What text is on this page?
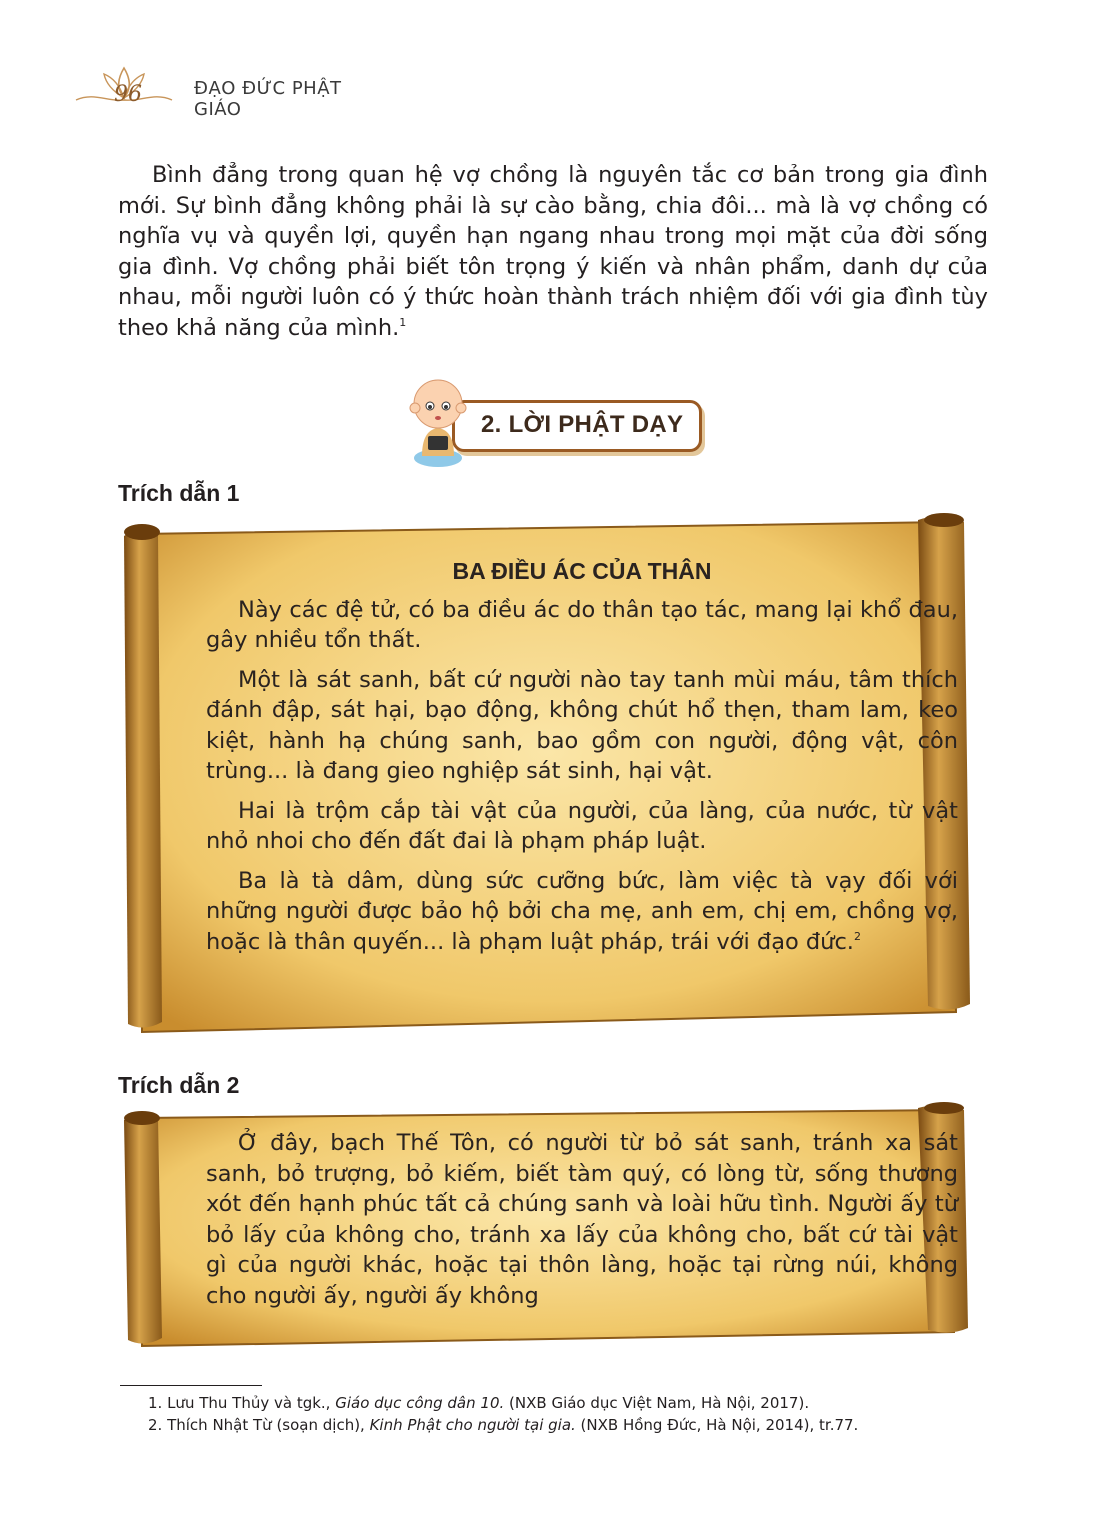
96	ĐẠO ĐỨC PHẬT GIÁO

Bình đẳng trong quan hệ vợ chồng là nguyên tắc cơ bản trong gia đình mới. Sự bình đẳng không phải là sự cào bằng, chia đôi... mà là vợ chồng có nghĩa vụ và quyền lợi, quyền hạn ngang nhau trong mọi mặt của đời sống gia đình. Vợ chồng phải biết tôn trọng ý kiến và nhân phẩm, danh dự của nhau, mỗi người luôn có ý thức hoàn thành trách nhiệm đối với gia đình tùy theo khả năng của mình.$^1$

2. LỜI PHẬT DẠY
Trích dẫn 1
BA ĐIỀU ÁC CỦA THÂN

Này các đệ tử, có ba điều ác do thân tạo tác, mang lại khổ đau, gây nhiều tổn thất.

Một là sát sanh, bất cứ người nào tay tanh mùi máu, tâm thích đánh đập, sát hại, bạo động, không chút hổ thẹn, tham lam, keo kiệt, hành hạ chúng sanh, bao gồm con người, động vật, côn trùng... là đang gieo nghiệp sát sinh, hại vật.

Hai là trộm cắp tài vật của người, của làng, của nước, từ vật nhỏ nhoi cho đến đất đai là phạm pháp luật.

Ba là tà dâm, dùng sức cưỡng bức, làm việc tà vạy đối với những người được bảo hộ bởi cha mẹ, anh em, chị em, chồng vợ, hoặc là thân quyến... là phạm luật pháp, trái với đạo đức.$^2$

Trích dẫn 2

Ở đây, bạch Thế Tôn, có người từ bỏ sát sanh, tránh xa sát sanh, bỏ trượng, bỏ kiếm, biết tàm quý, có lòng từ, sống thương xót đến hạnh phúc tất cả chúng sanh và loài hữu tình. Người ấy từ bỏ lấy của không cho, tránh xa lấy của không cho, bất cứ tài vật gì của người khác, hoặc tại thôn làng, hoặc tại rừng núi, không cho người ấy, người ấy không

1. Lưu Thu Thủy và tgk., Giáo dục công dân 10. (NXB Giáo dục Việt Nam, Hà Nội, 2017).
2. Thích Nhật Từ (soạn dịch), Kinh Phật cho người tại gia. (NXB Hồng Đức, Hà Nội, 2014), tr.77.
